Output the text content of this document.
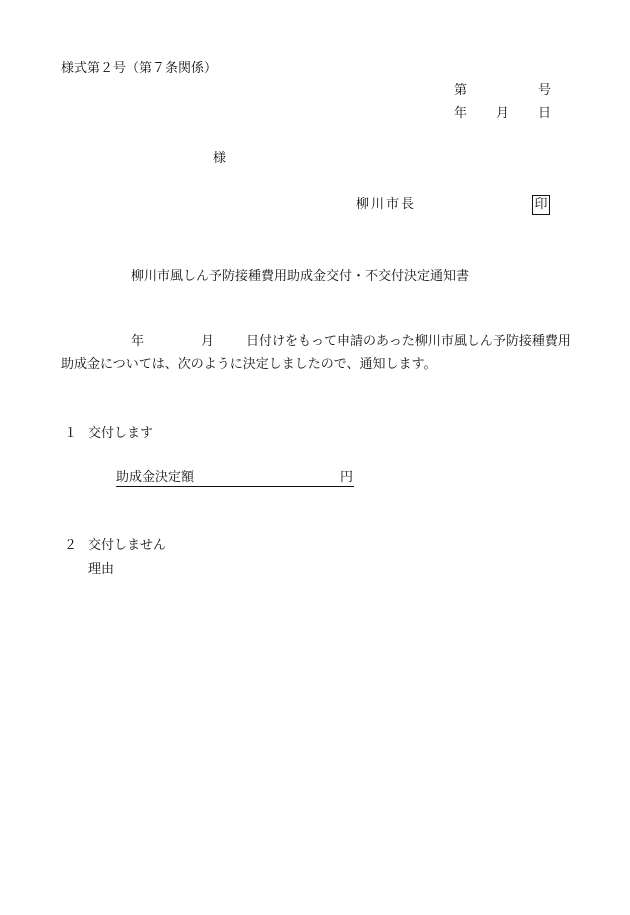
様式第２号（第７条関係）
第	号
年 月 日
様
柳川市長	印
柳川市風しん予防接種費用助成金交付・不交付決定通知書
年	月 日付けをもって申請のあった柳川市風しん予防接種費用
助成金については、次のように決定しましたので、通知します。
１ 交付します
助成金決定額	円
２ 交付しません
理由
